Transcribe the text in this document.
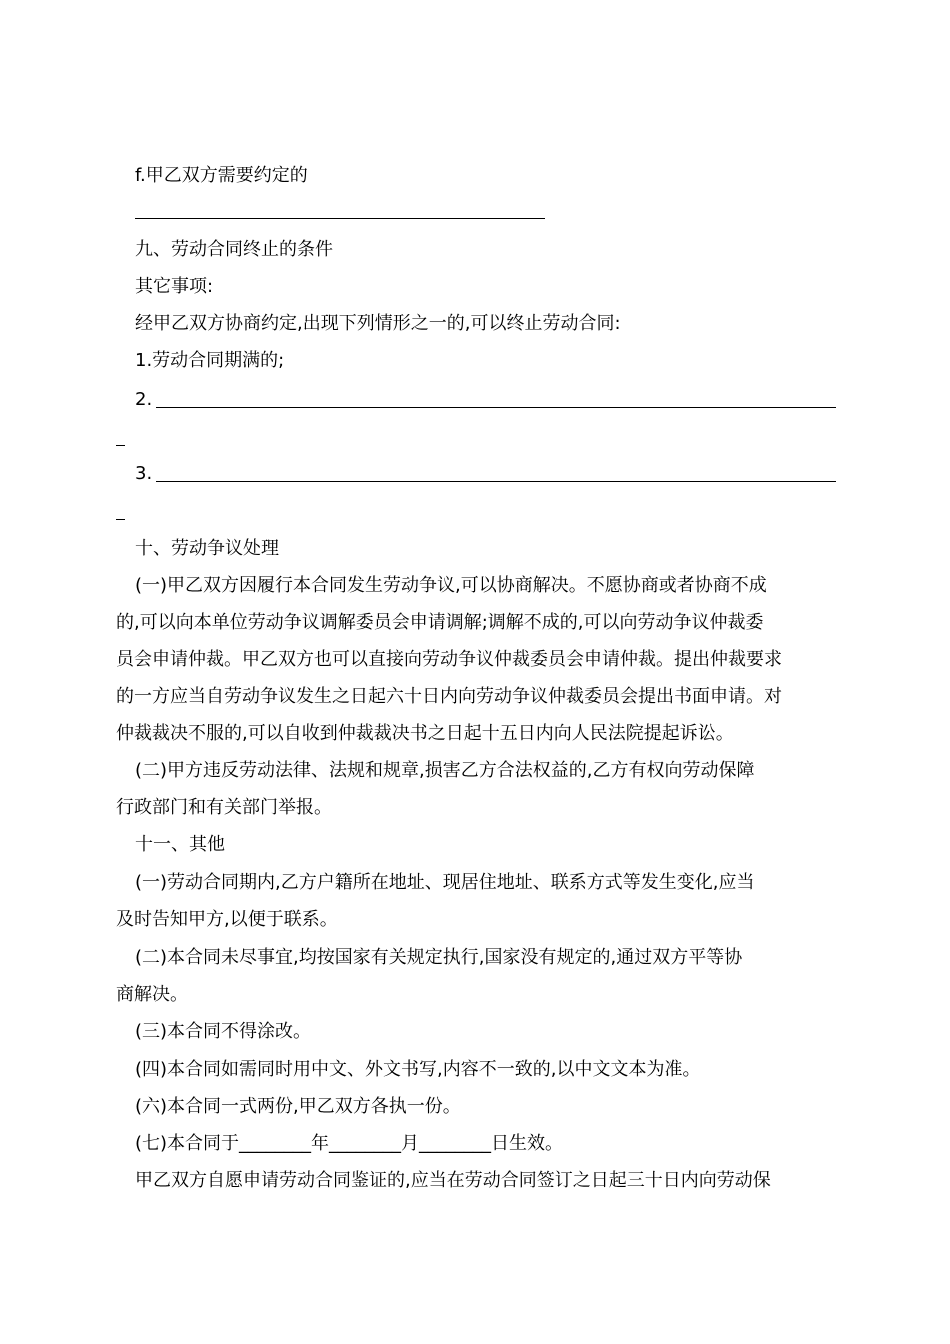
f.甲乙双方需要约定的
九、劳动合同终止的条件
其它事项:
经甲乙双方协商约定,出现下列情形之一的,可以终止劳动合同:
1.劳动合同期满的;
2.
3.
十、劳动争议处理
(一)甲乙双方因履行本合同发生劳动争议,可以协商解决。不愿协商或者协商不成
的,可以向本单位劳动争议调解委员会申请调解;调解不成的,可以向劳动争议仲裁委
员会申请仲裁。甲乙双方也可以直接向劳动争议仲裁委员会申请仲裁。提出仲裁要求
的一方应当自劳动争议发生之日起六十日内向劳动争议仲裁委员会提出书面申请。对
仲裁裁决不服的,可以自收到仲裁裁决书之日起十五日内向人民法院提起诉讼。
(二)甲方违反劳动法律、法规和规章,损害乙方合法权益的,乙方有权向劳动保障
行政部门和有关部门举报。
十一、其他
(一)劳动合同期内,乙方户籍所在地址、现居住地址、联系方式等发生变化,应当
及时告知甲方,以便于联系。
(二)本合同未尽事宜,均按国家有关规定执行,国家没有规定的,通过双方平等协
商解决。
(三)本合同不得涂改。
(四)本合同如需同时用中文、外文书写,内容不一致的,以中文文本为准。
(六)本合同一式两份,甲乙双方各执一份。
(七)本合同于________年________月________日生效。
甲乙双方自愿申请劳动合同鉴证的,应当在劳动合同签订之日起三十日内向劳动保
